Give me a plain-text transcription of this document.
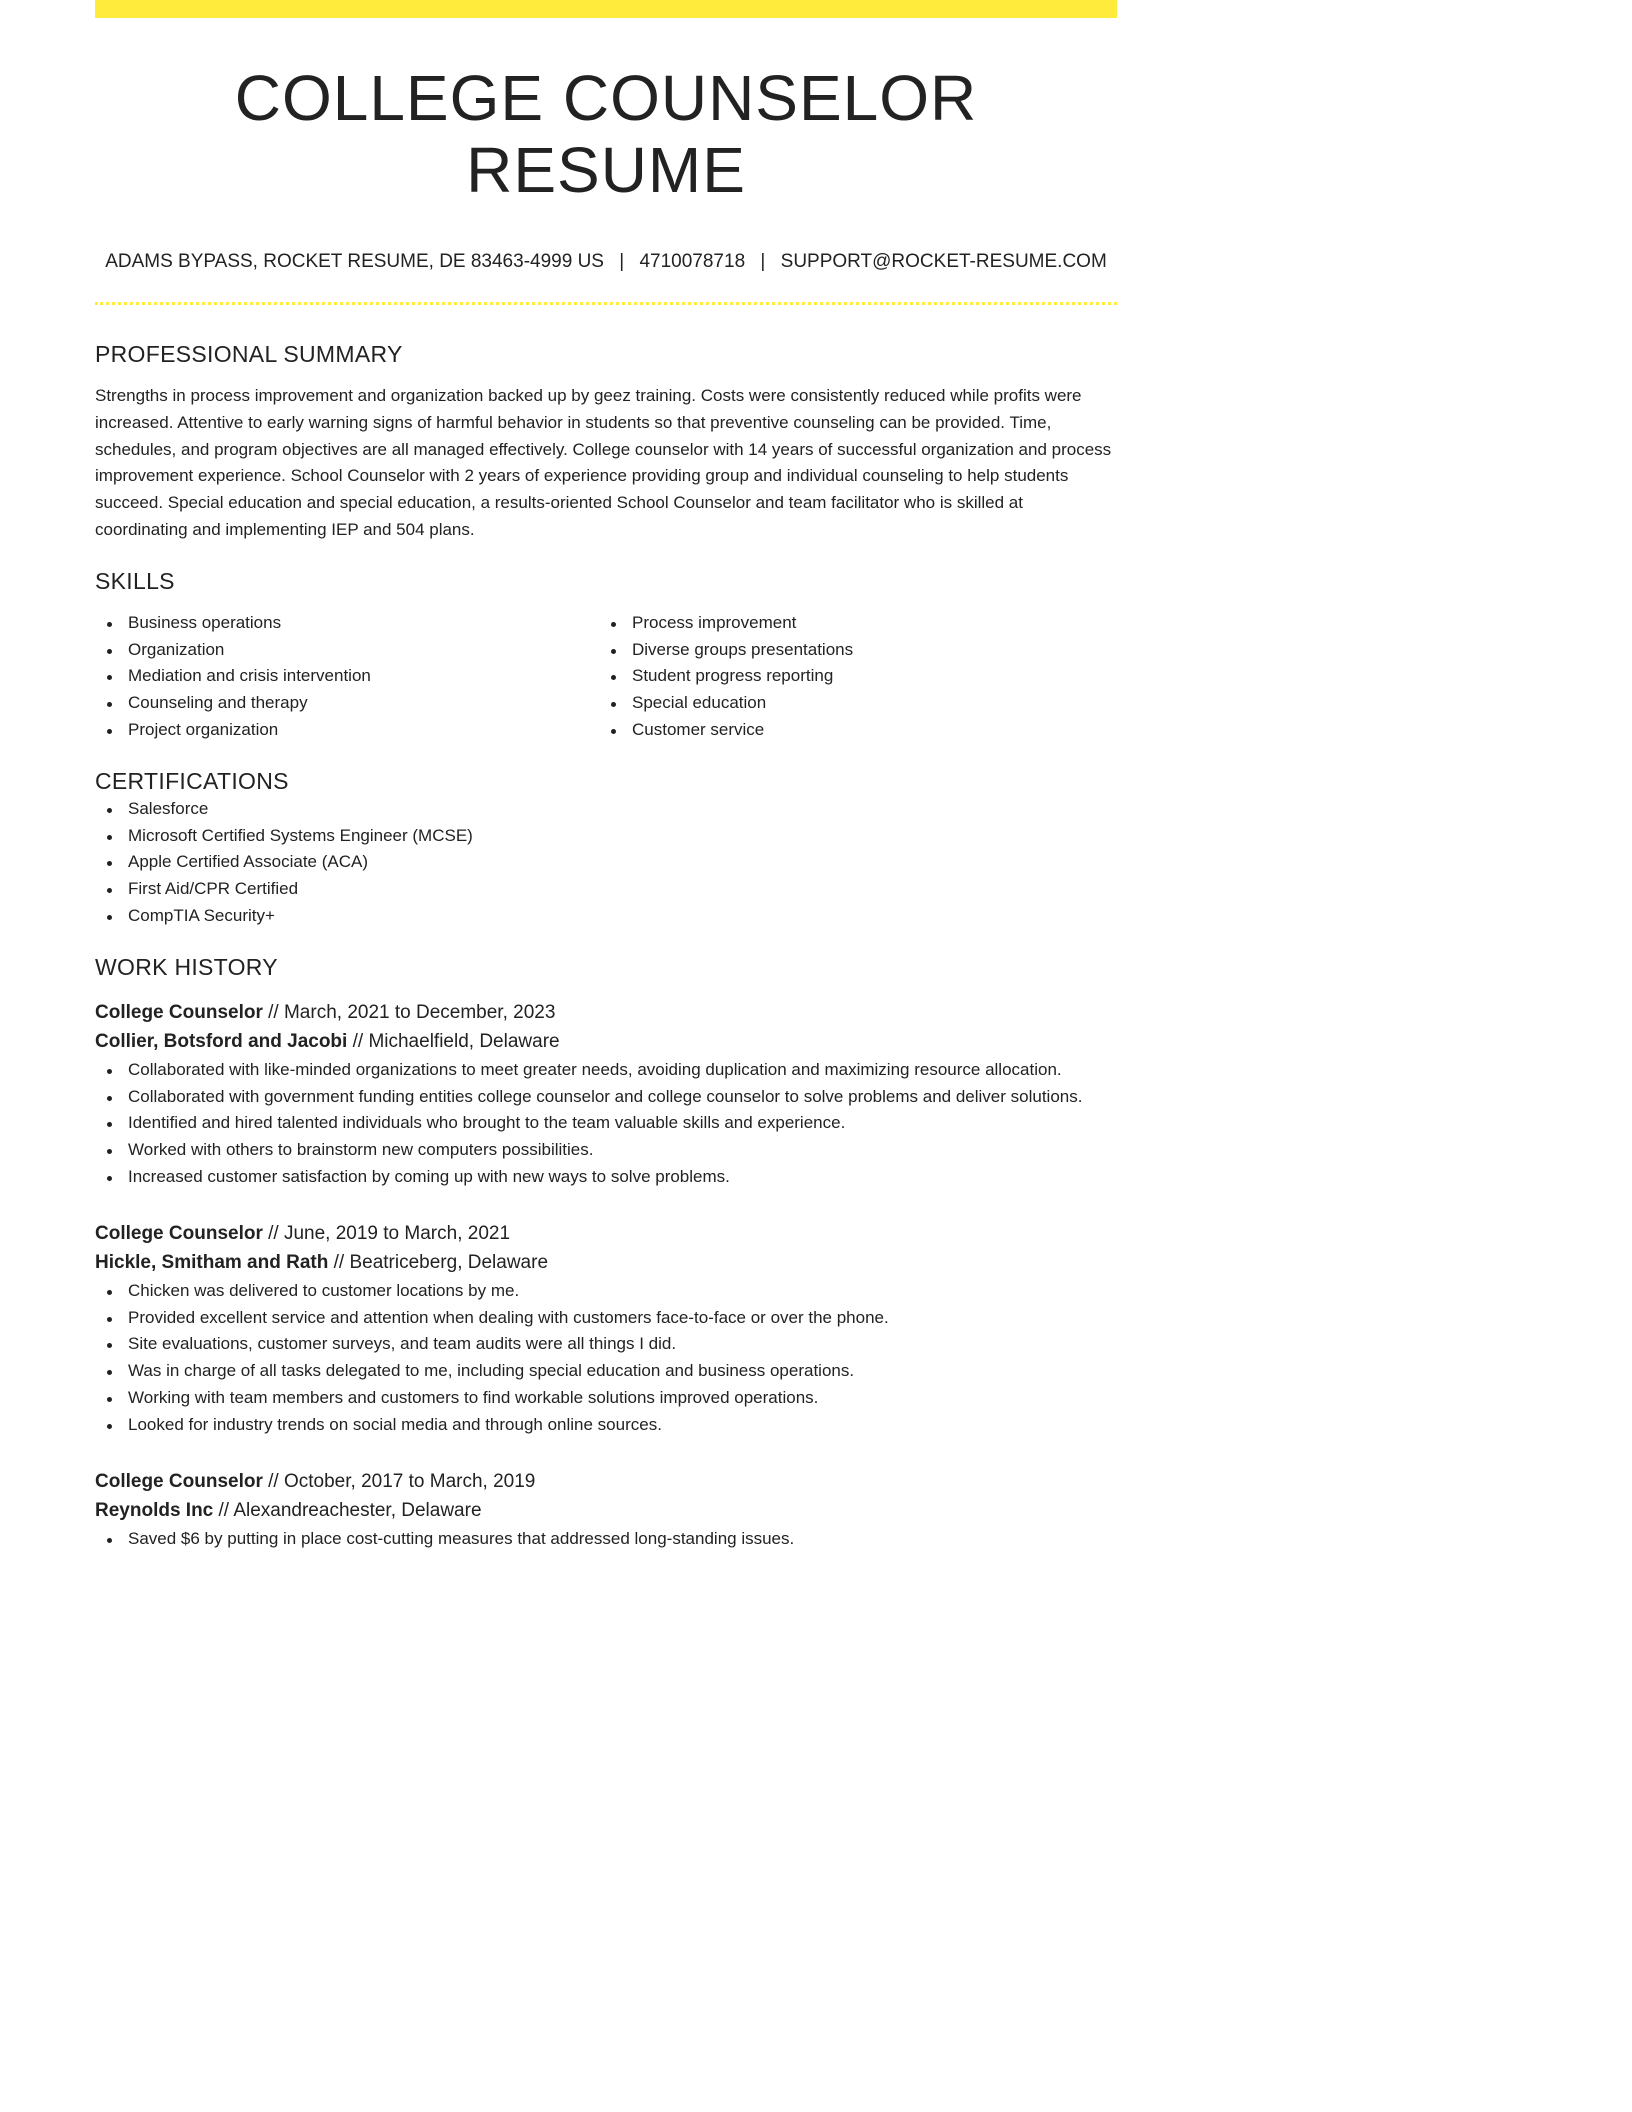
COLLEGE COUNSELOR RESUME
ADAMS BYPASS, ROCKET RESUME, DE 83463-4999 US | 4710078718 | SUPPORT@ROCKET-RESUME.COM
PROFESSIONAL SUMMARY
Strengths in process improvement and organization backed up by geez training. Costs were consistently reduced while profits were increased. Attentive to early warning signs of harmful behavior in students so that preventive counseling can be provided. Time, schedules, and program objectives are all managed effectively. College counselor with 14 years of successful organization and process improvement experience. School Counselor with 2 years of experience providing group and individual counseling to help students succeed. Special education and special education, a results-oriented School Counselor and team facilitator who is skilled at coordinating and implementing IEP and 504 plans.
SKILLS
Business operations
Organization
Mediation and crisis intervention
Counseling and therapy
Project organization
Process improvement
Diverse groups presentations
Student progress reporting
Special education
Customer service
CERTIFICATIONS
Salesforce
Microsoft Certified Systems Engineer (MCSE)
Apple Certified Associate (ACA)
First Aid/CPR Certified
CompTIA Security+
WORK HISTORY
College Counselor // March, 2021 to December, 2023
Collier, Botsford and Jacobi // Michaelfield, Delaware
Collaborated with like-minded organizations to meet greater needs, avoiding duplication and maximizing resource allocation.
Collaborated with government funding entities college counselor and college counselor to solve problems and deliver solutions.
Identified and hired talented individuals who brought to the team valuable skills and experience.
Worked with others to brainstorm new computers possibilities.
Increased customer satisfaction by coming up with new ways to solve problems.
College Counselor // June, 2019 to March, 2021
Hickle, Smitham and Rath // Beatriceberg, Delaware
Chicken was delivered to customer locations by me.
Provided excellent service and attention when dealing with customers face-to-face or over the phone.
Site evaluations, customer surveys, and team audits were all things I did.
Was in charge of all tasks delegated to me, including special education and business operations.
Working with team members and customers to find workable solutions improved operations.
Looked for industry trends on social media and through online sources.
College Counselor // October, 2017 to March, 2019
Reynolds Inc // Alexandreachester, Delaware
Saved $6 by putting in place cost-cutting measures that addressed long-standing issues.
